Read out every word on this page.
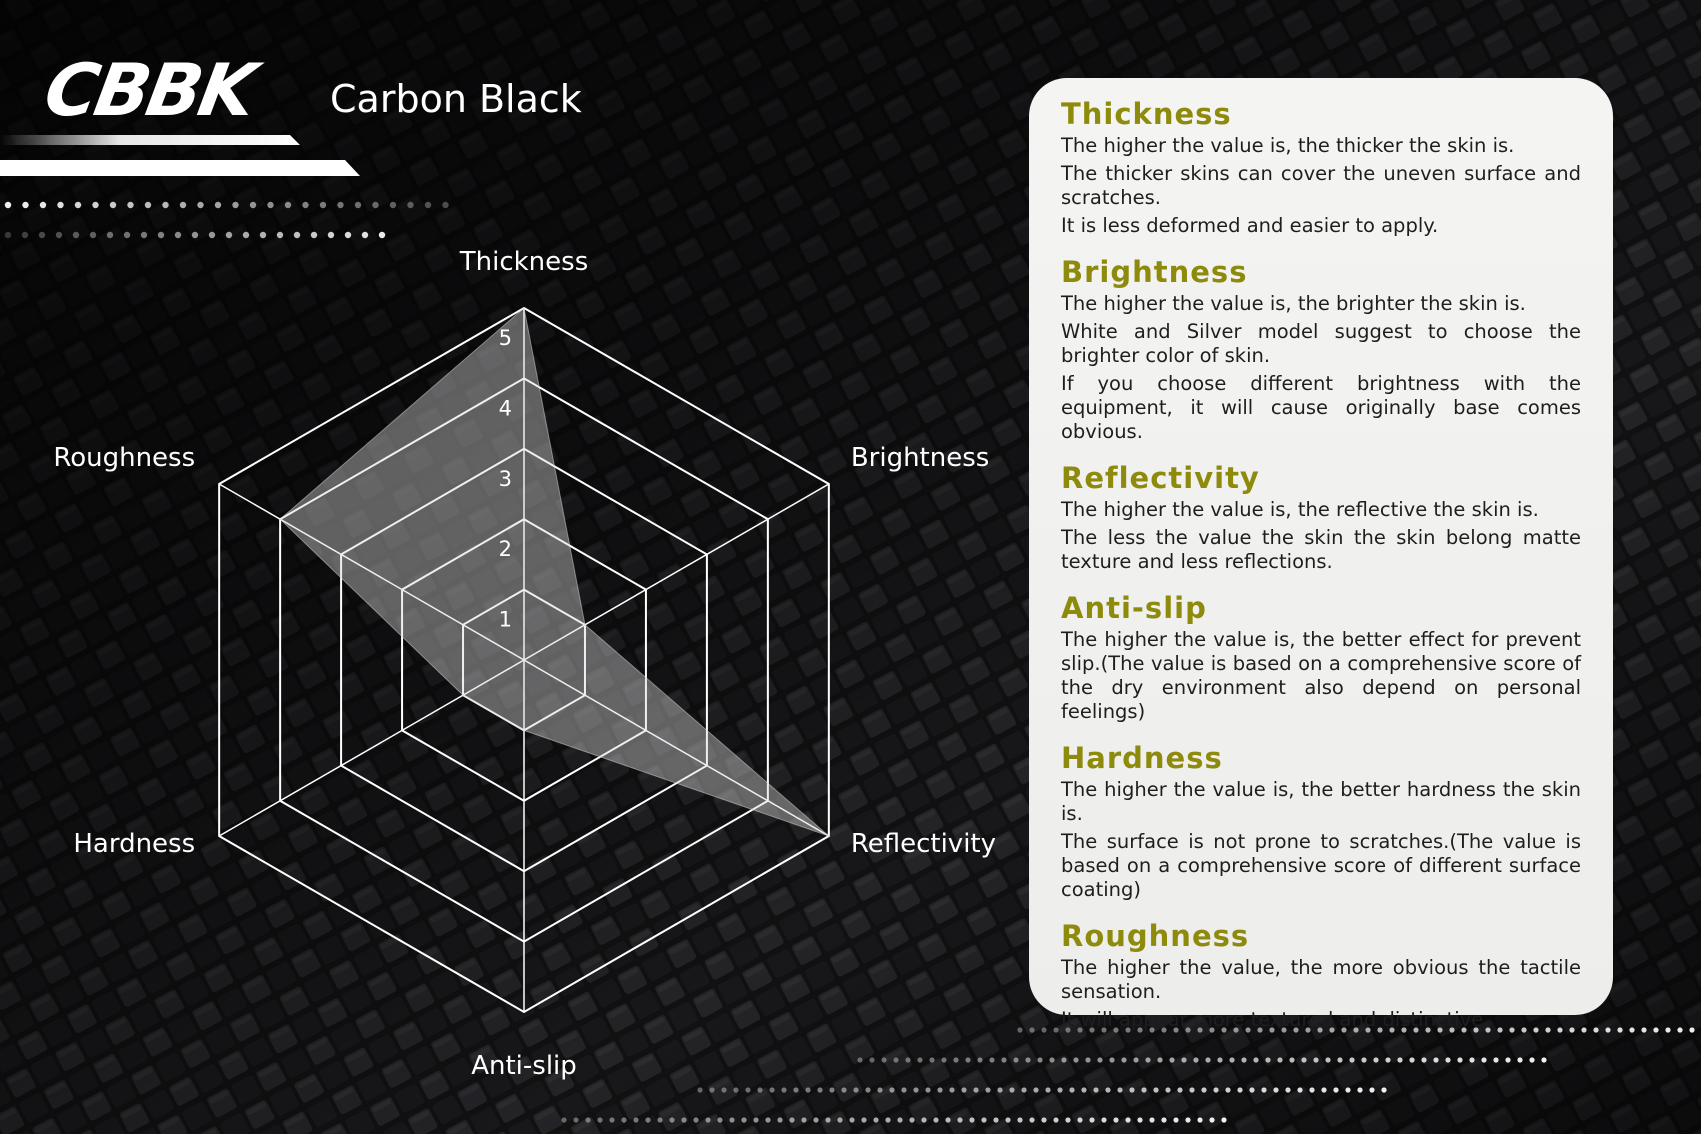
CBBK Carbon Black
1
2
3
4
5
Thickness
Brightness
Reflectivity
Anti-slip
Hardness
Roughness
Thickness
The higher the value is, the thicker the skin is.
The thicker skins can cover the uneven surface and scratches.
It is less deformed and easier to apply.
Brightness
The higher the value is, the brighter the skin is.
White and Silver model suggest to choose the brighter color of skin.
If you choose different brightness with the equipment, it will cause originally base comes obvious.
Reflectivity
The higher the value is, the reflective the skin is.
The less the value the skin the skin belong matte texture and less reflections.
Anti-slip
The higher the value is, the better effect for prevent slip.(The value is based on a comprehensive score of the dry environment also depend on personal feelings)
Hardness
The higher the value is, the better hardness the skin is.
The surface is not prone to scratches.(The value is based on a comprehensive score of different surface coating)
Roughness
The higher the value, the more obvious the tactile sensation.
It will appear more textured and distinctive.
